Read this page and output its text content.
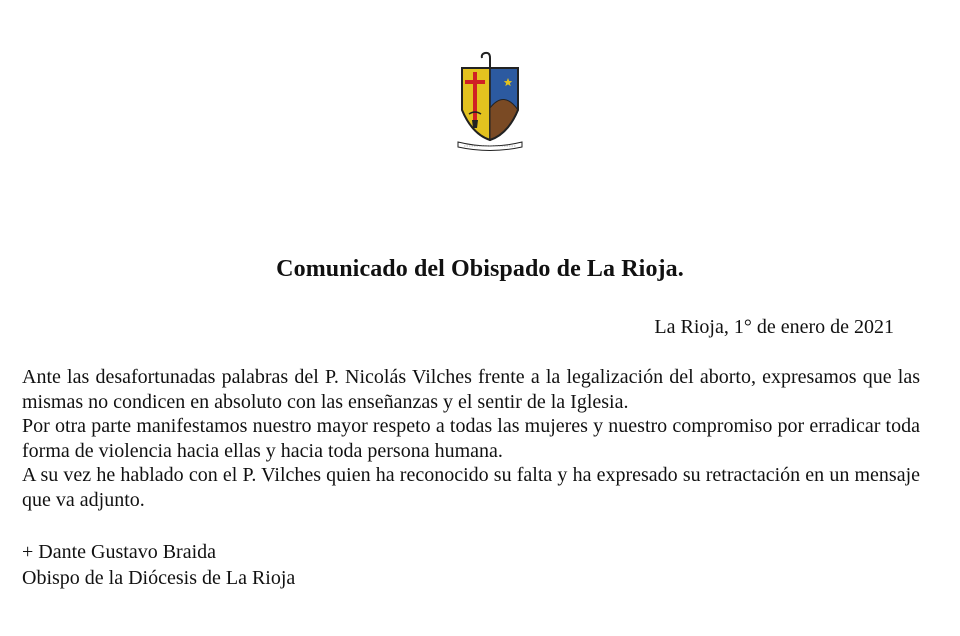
Comunicado del Obispado de La Rioja.
La Rioja, 1° de enero de 2021

Ante las desafortunadas palabras del P. Nicolás Vilches frente a la legalización del aborto, expresamos que las mismas no condicen en absoluto con las enseñanzas y el sentir de la Iglesia.

Por otra parte manifestamos nuestro mayor respeto a todas las mujeres y nuestro compromiso por erradicar toda forma de violencia hacia ellas y hacia toda persona humana.

A su vez he hablado con el P. Vilches quien ha reconocido su falta y ha expresado su retractación en un mensaje que va adjunto.

+ Dante Gustavo Braida
Obispo de la Diócesis de La Rioja
